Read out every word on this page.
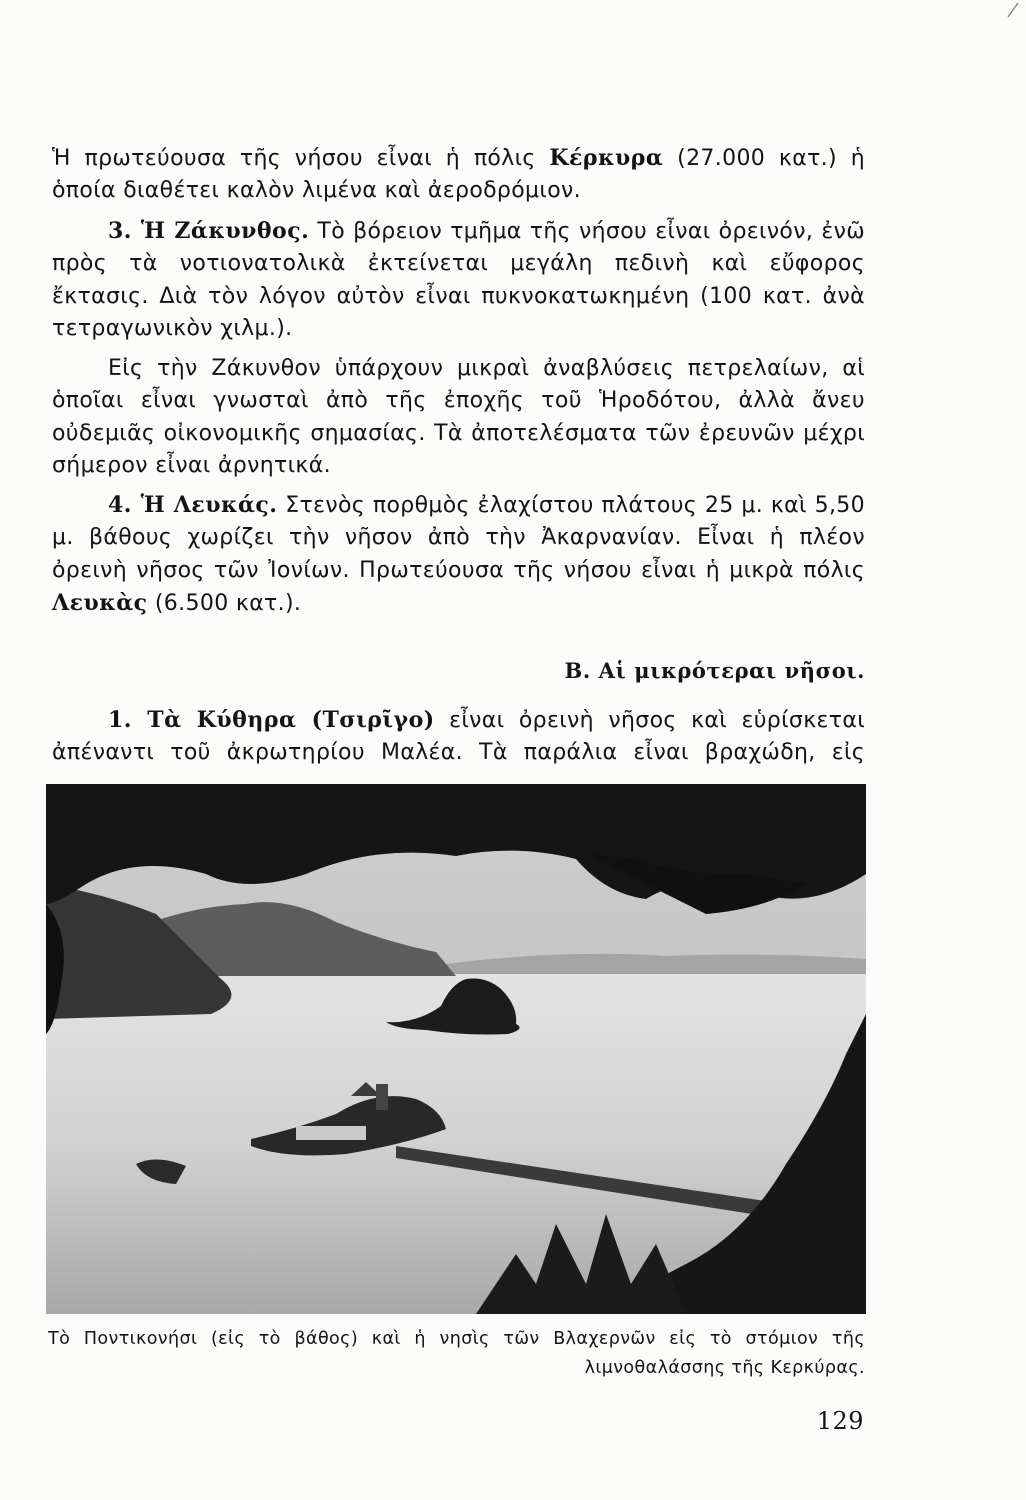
Ἡ πρωτεύουσα τῆς νήσου εἶναι ἡ πόλις Κέρκυρα (27.000 κατ.) ἡ ὁποία διαθέτει καλὸν λιμένα καὶ ἀεροδρόμιον.

3. Ἡ Ζάκυνθος. Τὸ βόρειον τμῆμα τῆς νήσου εἶναι ὀρεινόν, ἐνῶ πρὸς τὰ νοτιονατολικὰ ἐκτείνεται μεγάλη πεδινὴ καὶ εὔφορος ἔκτασις. Διὰ τὸν λόγον αὐτὸν εἶναι πυκνοκατωκημένη (100 κατ. ἀνὰ τετραγωνικὸν χιλμ.).

Εἰς τὴν Ζάκυνθον ὑπάρχουν μικραὶ ἀναβλύσεις πετρελαίων, αἱ ὁποῖαι εἶναι γνωσταὶ ἀπὸ τῆς ἐποχῆς τοῦ Ἡροδότου, ἀλλὰ ἄνευ οὐδεμιᾶς οἰκονομικῆς σημασίας. Τὰ ἀποτελέσματα τῶν ἐρευνῶν μέχρι σήμερον εἶναι ἀρνητικά.

4. Ἡ Λευκάς. Στενὸς πορθμὸς ἐλαχίστου πλάτους 25 μ. καὶ 5,50 μ. βάθους χωρίζει τὴν νῆσον ἀπὸ τὴν Ἀκαρνανίαν. Εἶναι ἡ πλέον ὀρεινὴ νῆσος τῶν Ἰονίων. Πρωτεύουσα τῆς νήσου εἶναι ἡ μικρὰ πόλις Λευκὰς (6.500 κατ.).

Β. Αἱ μικρότεραι νῆσοι.

1. Τὰ Κύθηρα (Τσιρῖγο) εἶναι ὀρεινὴ νῆσος καὶ εὑρίσκεται ἀπέναντι τοῦ ἀκρωτηρίου Μαλέα. Τὰ παράλια εἶναι βραχώδη, εἰς

Τὸ Ποντικονήσι (εἰς τὸ βάθος) καὶ ἡ νησὶς τῶν Βλαχερνῶν εἰς τὸ στόμιον τῆς
λιμνοθαλάσσης τῆς Κερκύρας.

129
